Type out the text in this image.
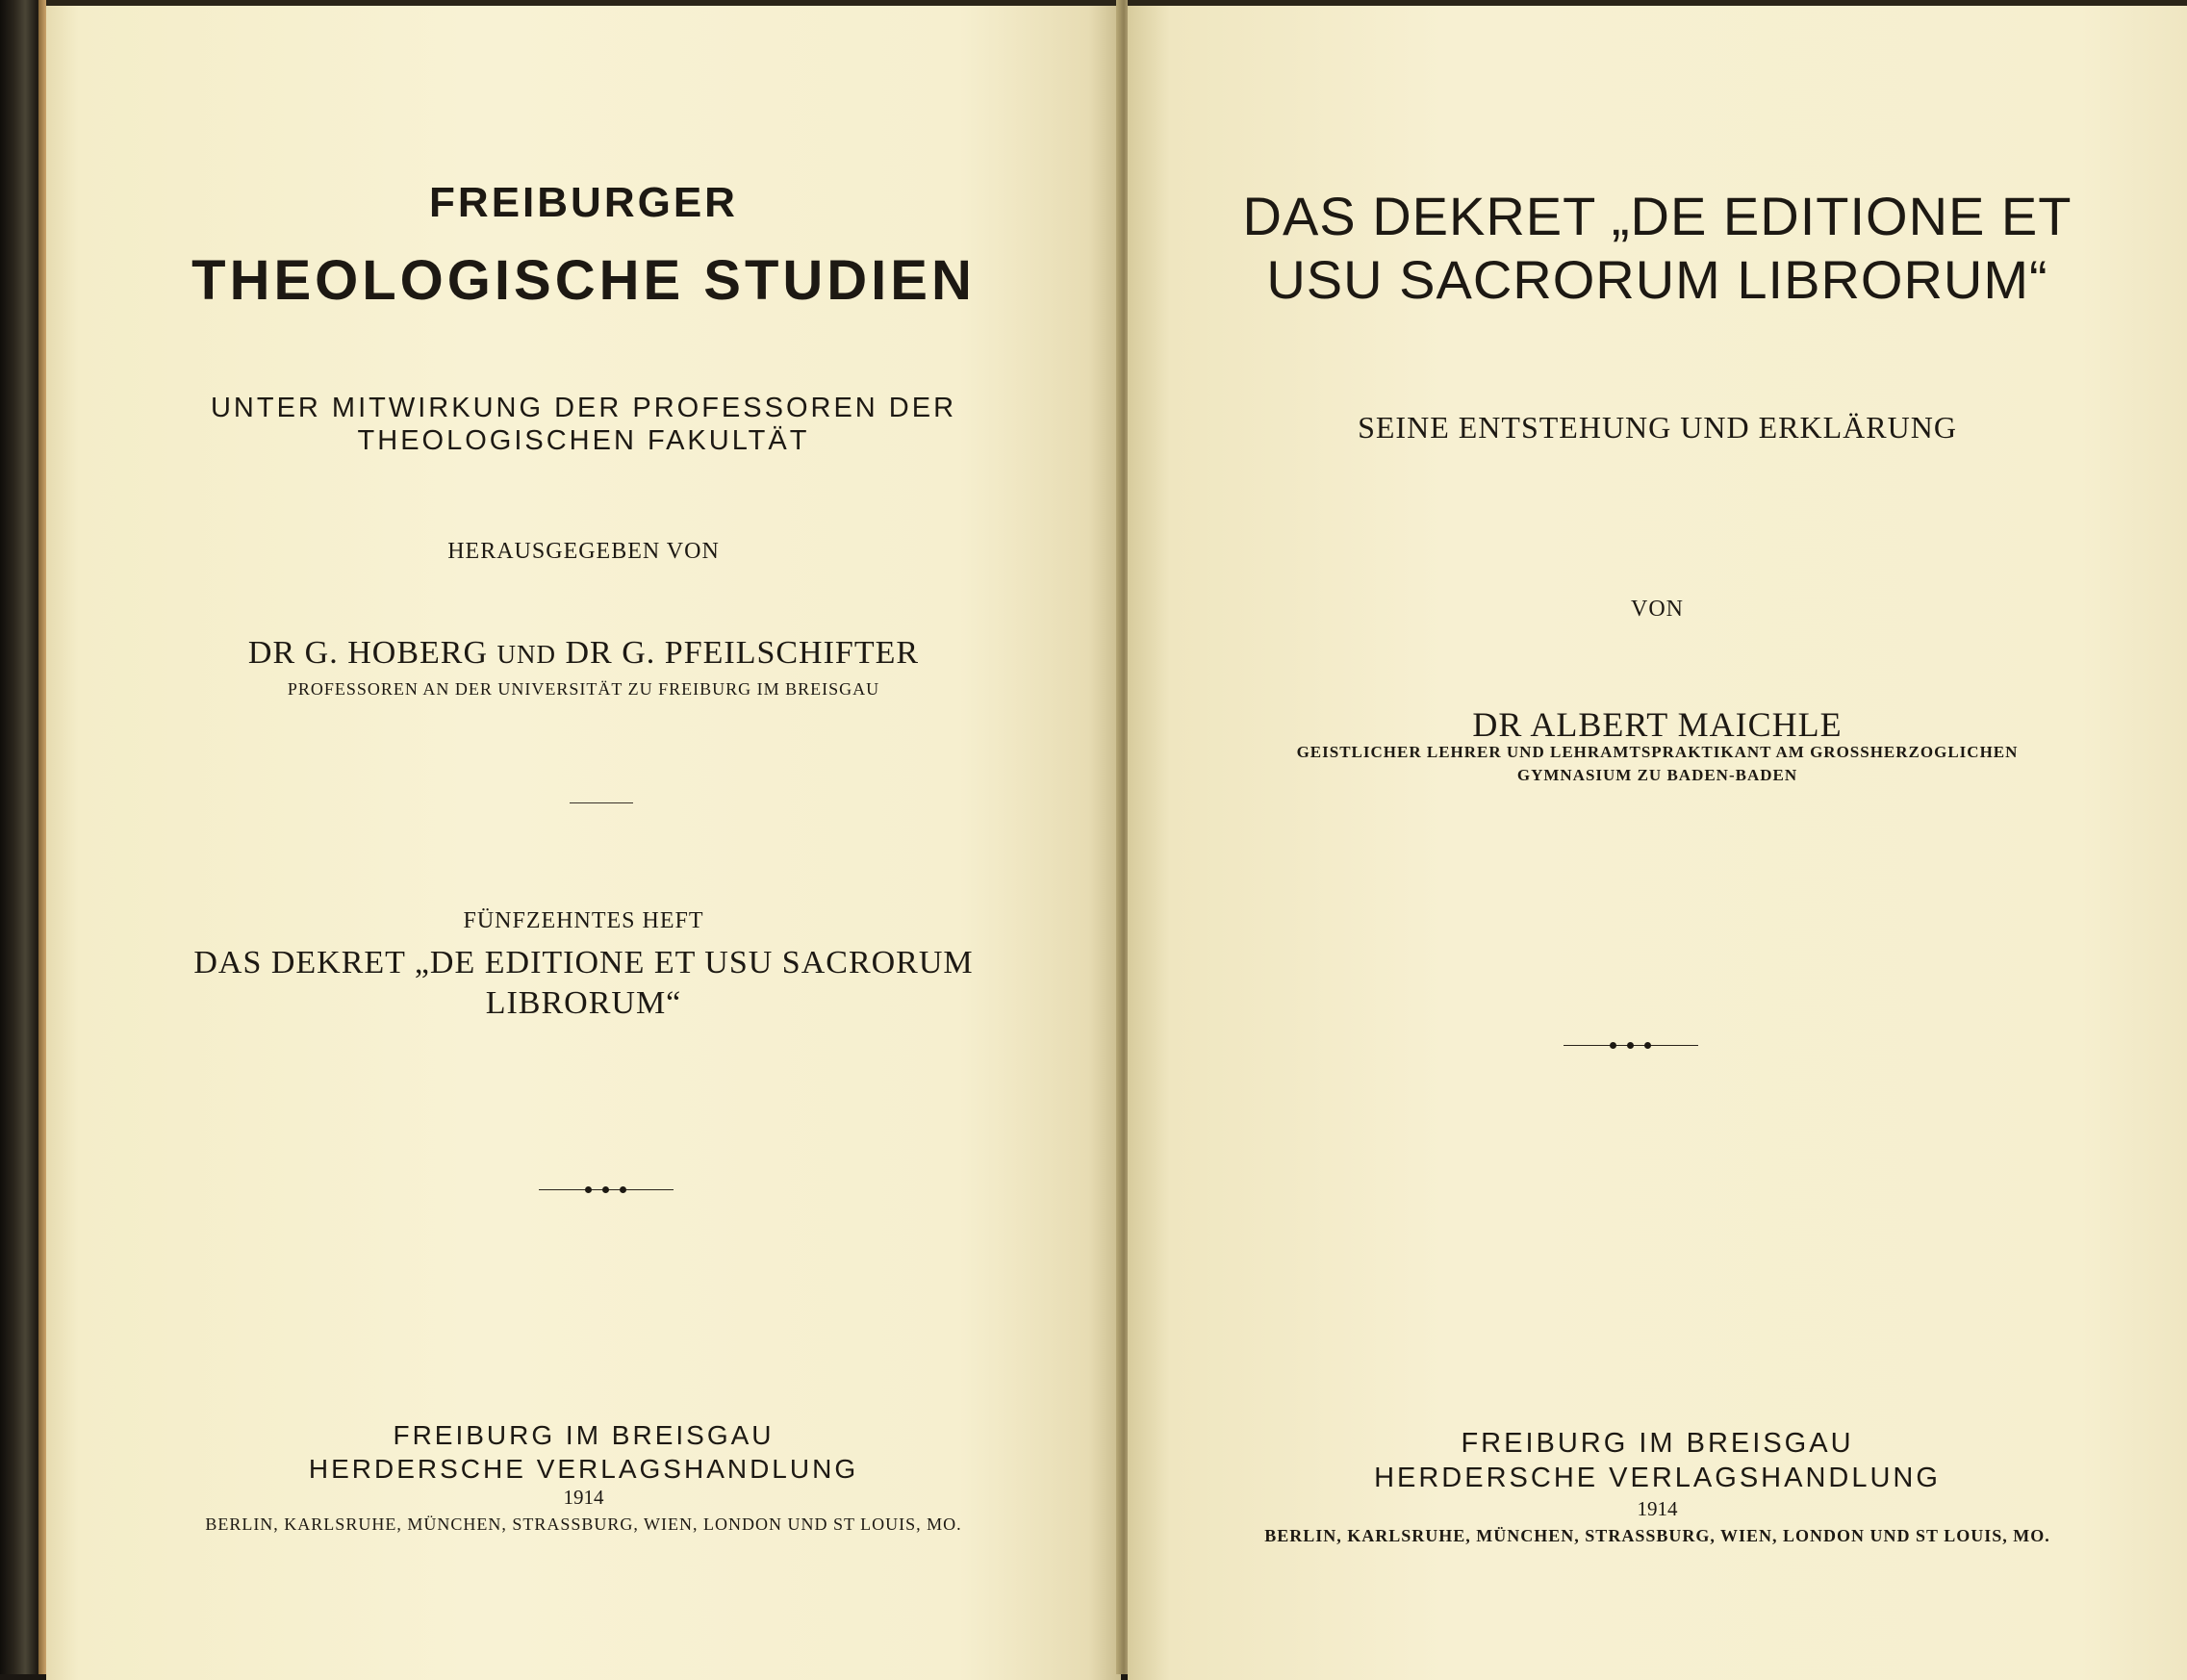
FREIBURGER
THEOLOGISCHE STUDIEN
UNTER MITWIRKUNG DER PROFESSOREN DER
THEOLOGISCHEN FAKULTÄT
HERAUSGEGEBEN VON
DR G. HOBERG UND DR G. PFEILSCHIFTER
PROFESSOREN AN DER UNIVERSITÄT ZU FREIBURG IM BREISGAU
FÜNFZEHNTES HEFT
DAS DEKRET „DE EDITIONE ET USU SACRORUM
LIBRORUM“
FREIBURG IM BREISGAU
HERDERSCHE VERLAGSHANDLUNG
1914
BERLIN, KARLSRUHE, MÜNCHEN, STRASSBURG, WIEN, LONDON UND ST LOUIS, MO.
DAS DEKRET „DE EDITIONE ET
USU SACRORUM LIBRORUM“
SEINE ENTSTEHUNG UND ERKLÄRUNG
VON
DR ALBERT MAICHLE
GEISTLICHER LEHRER UND LEHRAMTSPRAKTIKANT AM GROSSHERZOGLICHEN
GYMNASIUM ZU BADEN-BADEN
FREIBURG IM BREISGAU
HERDERSCHE VERLAGSHANDLUNG
1914
BERLIN, KARLSRUHE, MÜNCHEN, STRASSBURG, WIEN, LONDON UND ST LOUIS, MO.
